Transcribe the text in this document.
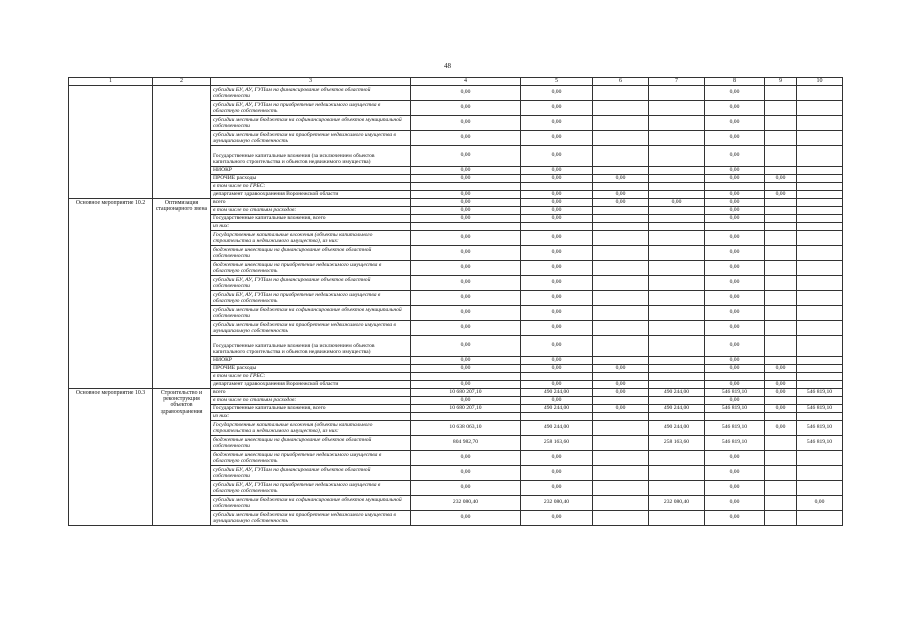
48
1	2	3	4	5	6	7	8	9	10
		субсидии БУ, АУ, ГУПам на финансирование объектов областной собственности	0,00	0,00			0,00		
		субсидии БУ, АУ, ГУПам на приобретение недвижимого имущества в областную собственность	0,00	0,00			0,00		
		субсидии местным бюджетам на софинансирование объектов муниципальной собственности	0,00	0,00			0,00		
		субсидии местным бюджетам на приобретение недвижимого имущества в муниципальную собственность	0,00	0,00			0,00		
		Государственные капитальные вложения (за исключением объектов капитального строительства и объектов недвижимого имущества)	0,00	0,00			0,00		
		НИОКР	0,00	0,00			0,00		
		ПРОЧИЕ расходы	0,00	0,00	0,00		0,00	0,00	
		в том числе по ГРБС:							
		департамент здравоохранения Воронежской области	0,00	0,00	0,00		0,00	0,00	
Основное мероприятие 10.2	Оптимизация стационарного звена	всего	0,00	0,00	0,00	0,00	0,00		
		в том числе по статьям расходов:	0,00	0,00			0,00		
		Государственные капитальные вложения, всего	0,00	0,00			0,00		
		из них:							
		Государственные капитальные вложения (объекты капитального строительства и недвижимого имущества), из них:	0,00	0,00			0,00		
		бюджетные инвестиции на финансирование объектов областной собственности	0,00	0,00			0,00		
		бюджетные инвестиции на приобретение недвижимого имущества в областную собственность	0,00	0,00			0,00		
		субсидии БУ, АУ, ГУПам на финансирование объектов областной собственности	0,00	0,00			0,00		
		субсидии БУ, АУ, ГУПам на приобретение недвижимого имущества в областную собственность	0,00	0,00			0,00		
		субсидии местным бюджетам на софинансирование объектов муниципальной собственности	0,00	0,00			0,00		
		субсидии местным бюджетам на приобретение недвижимого имущества в муниципальную собственность	0,00	0,00			0,00		
		Государственные капитальные вложения (за исключением объектов капитального строительства и объектов недвижимого имущества)	0,00	0,00			0,00		
		НИОКР	0,00	0,00			0,00		
		ПРОЧИЕ расходы	0,00	0,00	0,00		0,00	0,00	
		в том числе по ГРБС:							
		департамент здравоохранения Воронежской области	0,00	0,00	0,00		0,00	0,00	
Основное мероприятие 10.3	Строительство и реконструкция объектов здравоохранения	всего	10 680 207,10	490 244,00	0,00	490 244,00	546 819,10	0,00	546 819,10
		в том числе по статьям расходов:	0,00	0,00			0,00		
		Государственные капитальные вложения, всего	10 680 207,10	490 244,00	0,00	490 244,00	546 819,10	0,00	546 819,10
		из них:							
		Государственные капитальные вложения (объекты капитального строительства и недвижимого имущества), из них:	10 638 063,10	490 244,00		490 244,00	546 819,10	0,00	546 819,10
		бюджетные инвестиции на финансирование объектов областной собственности	804 982,70	258 163,60		258 163,60	546 819,10		546 819,10
		бюджетные инвестиции на приобретение недвижимого имущества в областную собственность	0,00	0,00			0,00		
		субсидии БУ, АУ, ГУПам на финансирование объектов областной собственности	0,00	0,00			0,00		
		субсидии БУ, АУ, ГУПам на приобретение недвижимого имущества в областную собственность	0,00	0,00			0,00		
		субсидии местным бюджетам на софинансирование объектов муниципальной собственности	232 080,40	232 080,40		232 080,40	0,00		0,00
		субсидии местным бюджетам на приобретение недвижимого имущества в муниципальную собственность	0,00	0,00			0,00		
